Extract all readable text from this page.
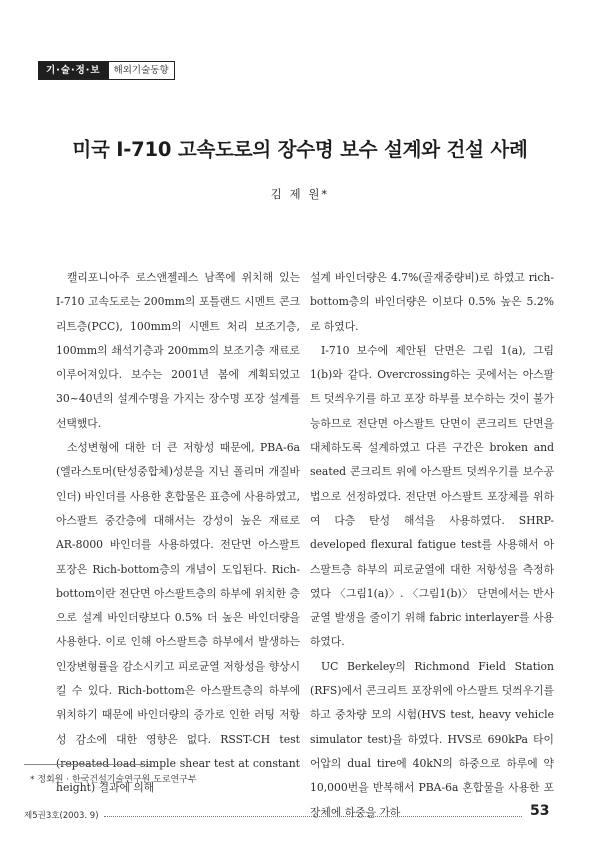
기·술·정·보	해외기술동향
미국 I-710 고속도로의 장수명 보수 설계와 건설 사례
김 제 원*

캘리포니아주 로스앤젤레스 남쪽에 위치해 있는 I-710 고속도로는 200mm의 포틀랜드 시멘트 콘크리트층(PCC), 100mm의 시멘트 처리 보조기층, 100mm의 쇄석기층과 200mm의 보조기층 재료로 이루어져있다. 보수는 2001년 봄에 계획되었고 30~40년의 설계수명을 가지는 장수명 포장 설계를 선택했다.

소성변형에 대한 더 큰 저항성 때문에, PBA-6a (엘라스토머(탄성중합체)성분을 지닌 폴리머 개질바인더) 바인더를 사용한 혼합물은 표층에 사용하였고, 아스팔트 중간층에 대해서는 강성이 높은 재료로 AR-8000 바인더를 사용하였다. 전단면 아스팔트 포장은 Rich-bottom층의 개념이 도입된다. Rich-bottom이란 전단면 아스팔트층의 하부에 위치한 층으로 설계 바인더량보다 0.5% 더 높은 바인더량을 사용한다. 이로 인해 아스팔트층 하부에서 발생하는 인장변형률을 감소시키고 피로균열 저항성을 향상시킬 수 있다. Rich-bottom은 아스팔트층의 하부에 위치하기 때문에 바인더량의 증가로 인한 러팅 저항성 감소에 대한 영향은 없다. RSST-CH test (repeated load simple shear test at constant height) 결과에 의해

설계 바인더량은 4.7%(골재중량비)로 하였고 rich-bottom층의 바인더량은 이보다 0.5% 높은 5.2%로 하였다.

I-710 보수에 제안된 단면은 그림 1(a), 그림 1(b)와 같다. Overcrossing하는 곳에서는 아스팔트 덧씌우기를 하고 포장 하부를 보수하는 것이 불가능하므로 전단면 아스팔트 단면이 콘크리트 단면을 대체하도록 설계하였고 다른 구간은 broken and seated 콘크리트 위에 아스팔트 덧씌우기를 보수공법으로 선정하였다. 전단면 아스팔트 포장체를 위하여 다층 탄성 해석을 사용하였다. SHRP-developed flexural fatigue test를 사용해서 아스팔트층 하부의 피로균열에 대한 저항성을 측정하였다 〈그림1(a)〉. 〈그림1(b)〉 단면에서는 반사균열 발생을 줄이기 위해 fabric interlayer를 사용하였다.

UC Berkeley의 Richmond Field Station (RFS)에서 콘크리트 포장위에 아스팔트 덧씌우기를 하고 중차량 모의 시험(HVS test, heavy vehicle simulator test)을 하였다. HVS로 690kPa 타이어압의 dual tire에 40kN의 하중으로 하루에 약 10,000번을 반복해서 PBA-6a 혼합물을 사용한 포장체에 하중을 가하

* 정회원 · 한국건설기술연구원 도로연구부
제5권3호(2003. 9)	53
